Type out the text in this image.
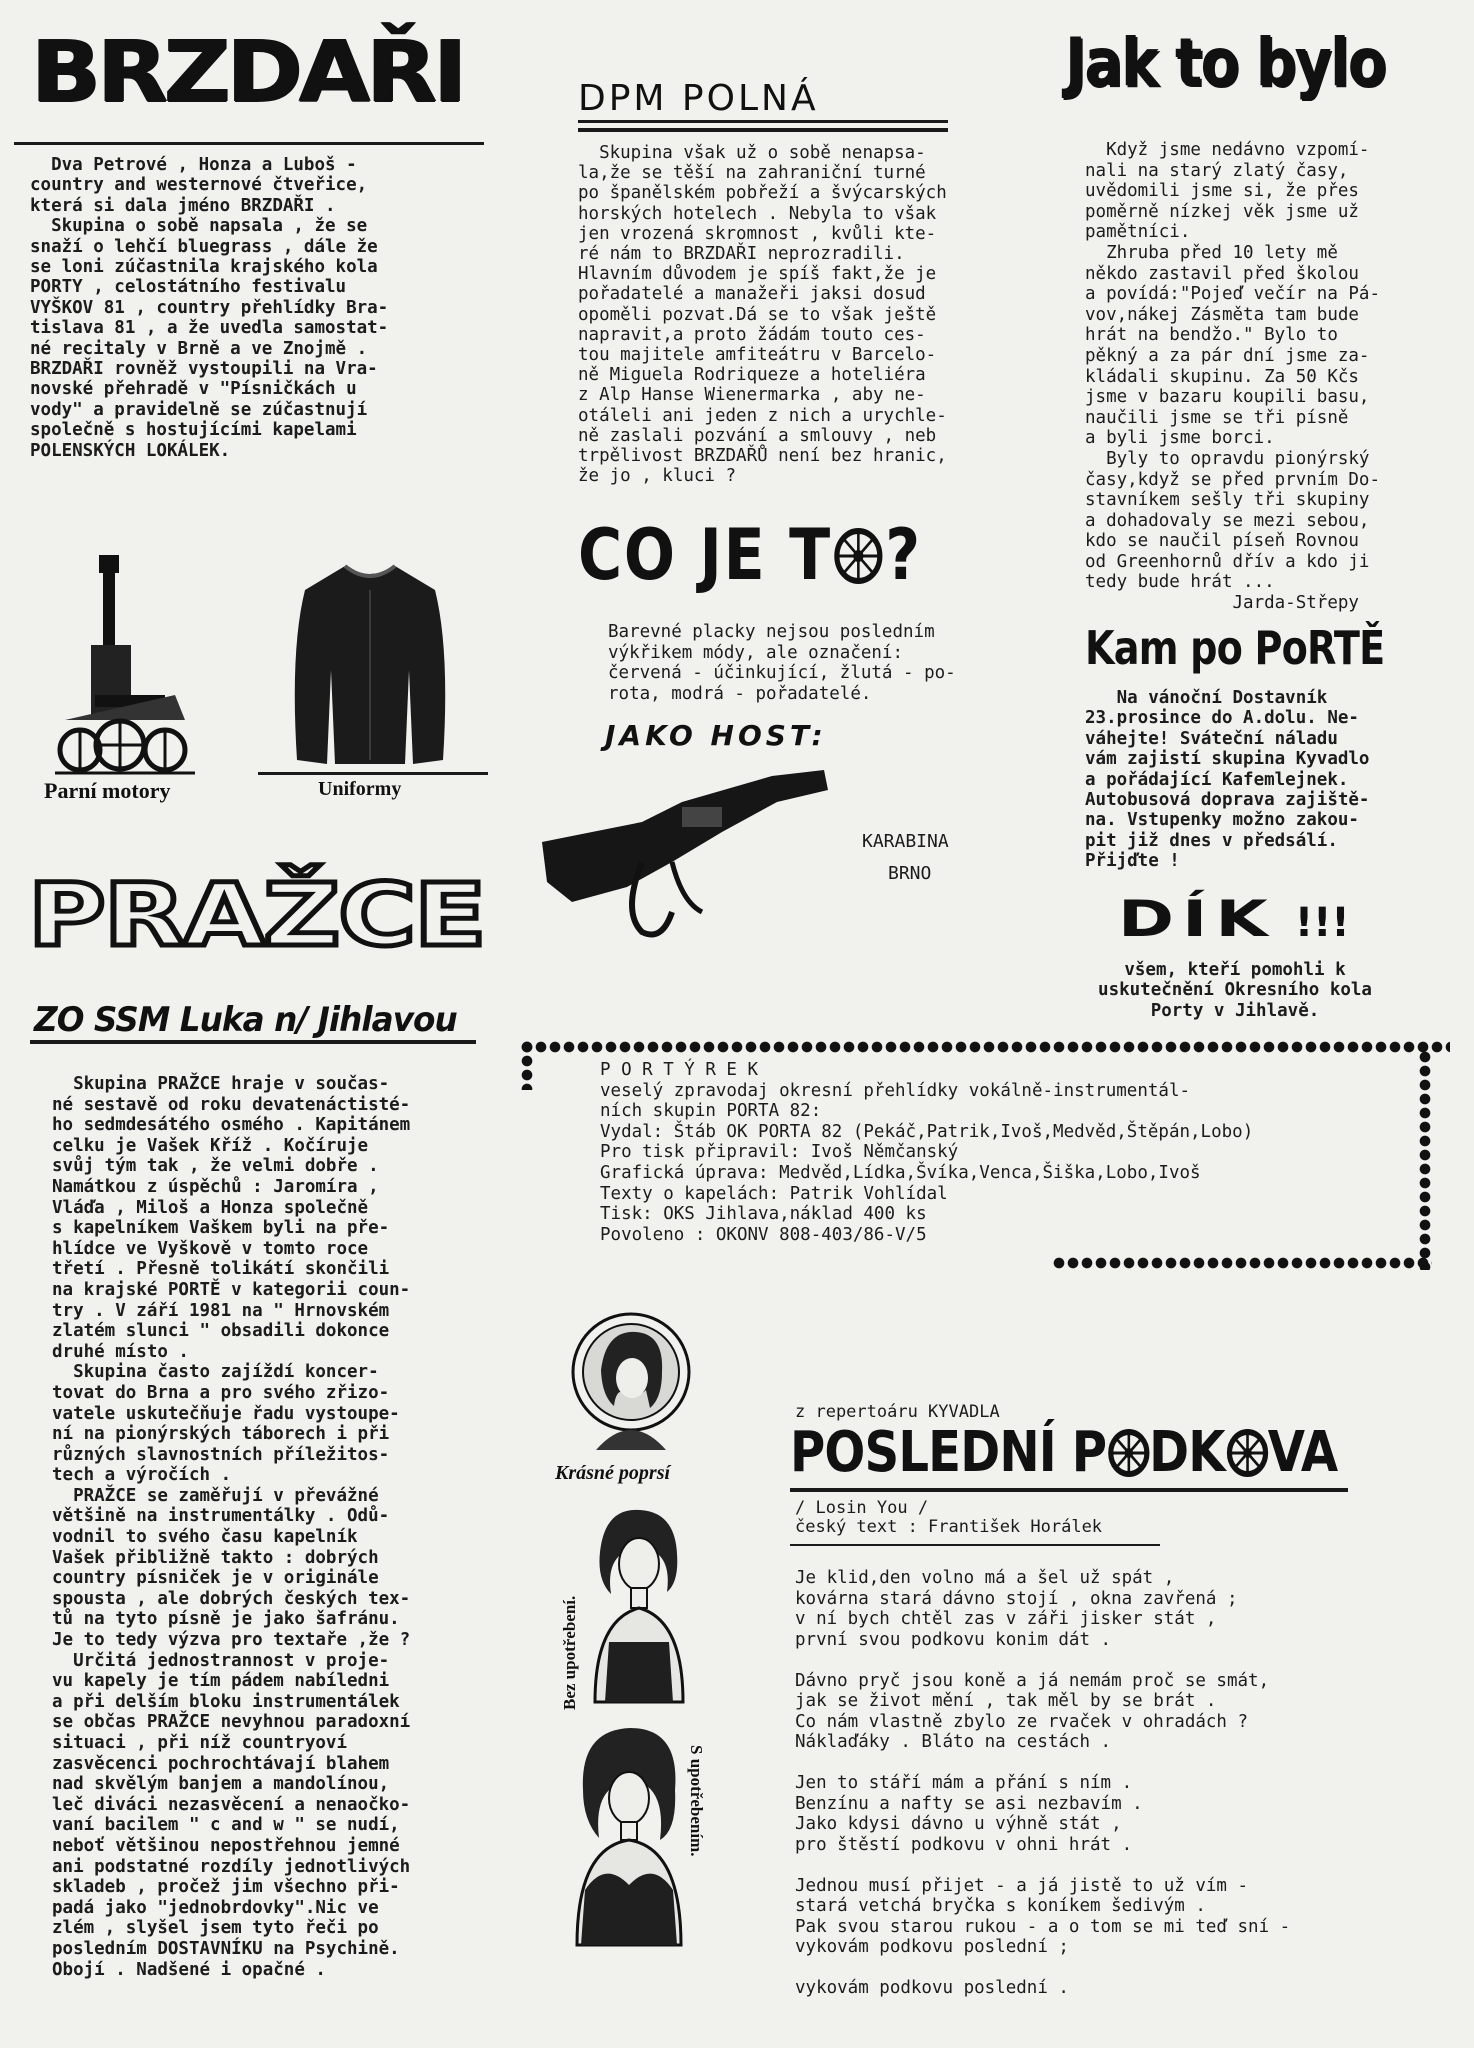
BRZDAŘI
Dva Petrové , Honza a Luboš -
country and westernové čtveřice,
která si dala jméno BRZDAŘI .
Skupina o sobě napsala , že se
snaží o lehčí bluegrass , dále že
se loni zúčastnila krajského kola
PORTY , celostátního festivalu
VYŠKOV 81 , country přehlídky Bra-
tislava 81 , a že uvedla samostat-
né recitaly v Brně a ve Znojmě .
BRZDAŘI rovněž vystoupili na Vra-
novské přehradě v "Písničkách u
vody" a pravidelně se zúčastnují
společně s hostujícími kapelami
POLENSKÝCH LOKÁLEK.
Parní motory	Uniformy
DPM POLNÁ
Skupina však už o sobě nenapsa-
la,že se těší na zahraniční turné
po španělském pobřeží a švýcarských
horských hotelech . Nebyla to však
jen vrozená skromnost , kvůli kte-
ré nám to BRZDAŘI neprozradili.
Hlavním důvodem je spíš fakt,že je
pořadatelé a manažeři jaksi dosud
opoměli pozvat.Dá se to však ještě
napravit,a proto žádám touto ces-
tou majitele amfiteátru v Barcelo-
ně Miguela Rodriqueze a hoteliéra
z Alp Hanse Wienermarka , aby ne-
otáleli ani jeden z nich a urychle-
ně zaslali pozvání a smlouvy , neb
trpělivost BRZDAŘŮ není bez hranic,
že jo , kluci ?
CO JE T ?
Barevné placky nejsou posledním
výkřikem módy, ale označení:
červená - účinkující, žlutá - po-
rota, modrá - pořadatelé.
JAKO HOST:
KARABINA
BRNO
Jak to bylo
Když jsme nedávno vzpomí-
nali na starý zlatý časy,
uvědomili jsme si, že přes
poměrně nízkej věk jsme už
pamětníci.
Zhruba před 10 lety mě
někdo zastavil před školou
a povídá:"Pojeď večír na Pá-
vov,nákej Zásměta tam bude
hrát na bendžo." Bylo to
pěkný a za pár dní jsme za-
kládali skupinu. Za 50 Kčs
jsme v bazaru koupili basu,
naučili jsme se tři písně
a byli jsme borci.
Byly to opravdu pionýrský
časy,když se před prvním Do-
stavníkem sešly tři skupiny
a dohadovaly se mezi sebou,
kdo se naučil píseň Rovnou
od Greenhornů dřív a kdo ji
tedy bude hrát ...
Jarda-Střepy
Kam po PoRTĚ
Na vánoční Dostavník
23.prosince do A.dolu. Ne-
váhejte! Sváteční náladu
vám zajistí skupina Kyvadlo
a pořádající Kafemlejnek.
Autobusová doprava zajiště-
na. Vstupenky možno zakou-
pit již dnes v předsálí.
Přijďte !
DÍK !!!
všem, kteří pomohli k
uskutečnění Okresního kola
Porty v Jihlavě.
PRAŽCE
ZO SSM Luka n/ Jihlavou
Skupina PRAŽCE hraje v součas-
né sestavě od roku devatenáctisté-
ho sedmdesátého osmého . Kapitánem
celku je Vašek Kříž . Kočíruje
svůj tým tak , že velmi dobře .
Namátkou z úspěchů : Jaromíra ,
Vláďa , Miloš a Honza společně
s kapelníkem Vaškem byli na pře-
hlídce ve Vyškově v tomto roce
třetí . Přesně tolikátí skončili
na krajské PORTĚ v kategorii coun-
try . V září 1981 na " Hrnovském
zlatém slunci " obsadili dokonce
druhé místo .
Skupina často zajíždí koncer-
tovat do Brna a pro svého zřizo-
vatele uskutečňuje řadu vystoupe-
ní na pionýrských táborech i při
různých slavnostních příležitos-
tech a výročích .
PRAŽCE se zaměřují v převážné
většině na instrumentálky . Odů-
vodnil to svého času kapelník
Vašek přibližně takto : dobrých
country písniček je v originále
spousta , ale dobrých českých tex-
tů na tyto písně je jako šafránu.
Je to tedy výzva pro textaře ,že ?
Určitá jednostrannost v projе-
vu kapely je tím pádem nabíledni
a při delším bloku instrumentálek
se občas PRAŽCE nevyhnou paradoxní
situaci , při níž countryoví
zasvěcenci pochrochtávají blahem
nad skvělým banjem a mandolínou,
leč diváci nezasvěcení a nenaočko-
vaní bacilem " c and w " se nudí,
neboť většinou nepostřehnou jemné
ani podstatné rozdíly jednotlivých
skladeb , pročež jim všechno při-
padá jako "jednobrdovky".Nic ve
zlém , slyšel jsem tyto řeči po
posledním DOSTAVNÍKU na Psychině.
Obojí . Nadšené i opačné .
P O R T Ý R E K
veselý zpravodaj okresní přehlídky vokálně-instrumentál-
ních skupin PORTA 82:
Vydal: Štáb OK PORTA 82 (Pekáč,Patrik,Ivoš,Medvěd,Štěpán,Lobo)
Pro tisk připravil: Ivoš Němčanský
Grafická úprava: Medvěd,Lídka,Švíka,Venca,Šiška,Lobo,Ivoš
Texty o kapelách: Patrik Vohlídal
Tisk: OKS Jihlava,náklad 400 ks
Povoleno : OKONV 808-403/86-V/5
Krásné poprsí
Bez upotřebení.
S upotřebením.
z repertoáru KYVADLA
POSLEDNÍ P DK VA
/ Losin You /
český text : František Horálek
Je klid,den volno má a šel už spát ,
kovárna stará dávno stojí , okna zavřená ;
v ní bych chtěl zas v záři jisker stát ,
první svou podkovu konim dát .

Dávno pryč jsou koně a já nemám proč se smát,
jak se život mění , tak měl by se brát .
Co nám vlastně zbylo ze rvaček v ohradách ?
Náklaďáky . Bláto na cestách .

Jen to stáří mám a přání s ním .
Benzínu a nafty se asi nezbavím .
Jako kdysi dávno u výhně stát ,
pro štěstí podkovu v ohni hrát .

Jednou musí přijet - a já jistě to už vím -
stará vetchá bryčka s koníkem šedivým .
Pak svou starou rukou - a o tom se mi teď sní -
vykovám podkovu poslední ;

vykovám podkovu poslední .
